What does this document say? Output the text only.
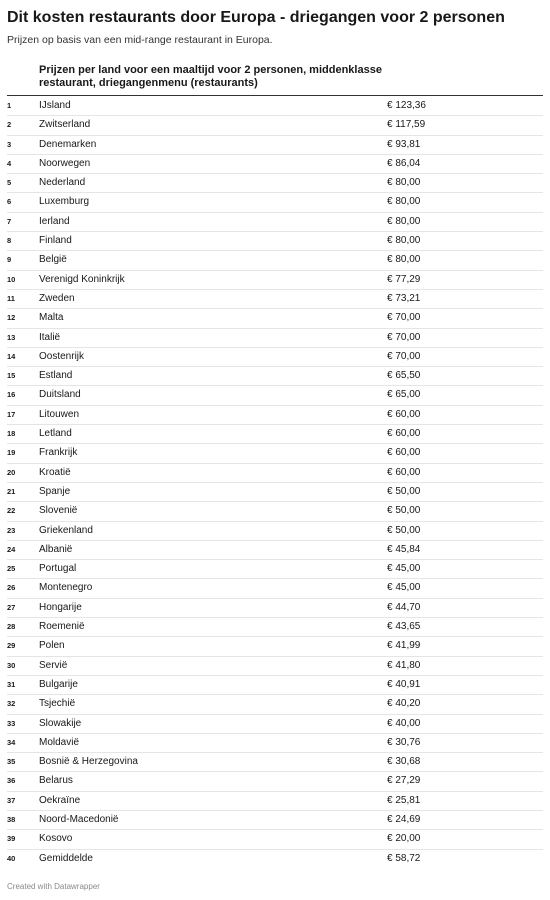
Dit kosten restaurants door Europa - driegangen voor 2 personen

Prijzen op basis van een mid-range restaurant in Europa.

Prijzen per land voor een maaltijd voor 2 personen, middenklasse restaurant, driegangenmenu (restaurants)

1	IJsland	€ 123,36
2	Zwitserland	€ 117,59
3	Denemarken	€ 93,81
4	Noorwegen	€ 86,04
5	Nederland	€ 80,00
6	Luxemburg	€ 80,00
7	Ierland	€ 80,00
8	Finland	€ 80,00
9	België	€ 80,00
10 Verenigd Koninkrijk	€ 77,29
11 Zweden	€ 73,21
12 Malta	€ 70,00
13 Italië	€ 70,00
14 Oostenrijk	€ 70,00
15 Estland	€ 65,50
16 Duitsland	€ 65,00
17 Litouwen	€ 60,00
18 Letland	€ 60,00
19 Frankrijk	€ 60,00
20 Kroatië	€ 60,00
21 Spanje	€ 50,00
22 Slovenië	€ 50,00
23 Griekenland	€ 50,00
24 Albanië	€ 45,84
25 Portugal	€ 45,00
26 Montenegro	€ 45,00
27 Hongarije	€ 44,70
28 Roemenië	€ 43,65
29 Polen	€ 41,99
30 Servië	€ 41,80
31 Bulgarije	€ 40,91
32 Tsjechië	€ 40,20
33 Slowakije	€ 40,00
34 Moldavië	€ 30,76
35 Bosnië & Herzegovina	€ 30,68
36 Belarus	€ 27,29
37 Oekraïne	€ 25,81
38 Noord-Macedonië	€ 24,69
39 Kosovo	€ 20,00
40 Gemiddelde	€ 58,72

Created with Datawrapper
